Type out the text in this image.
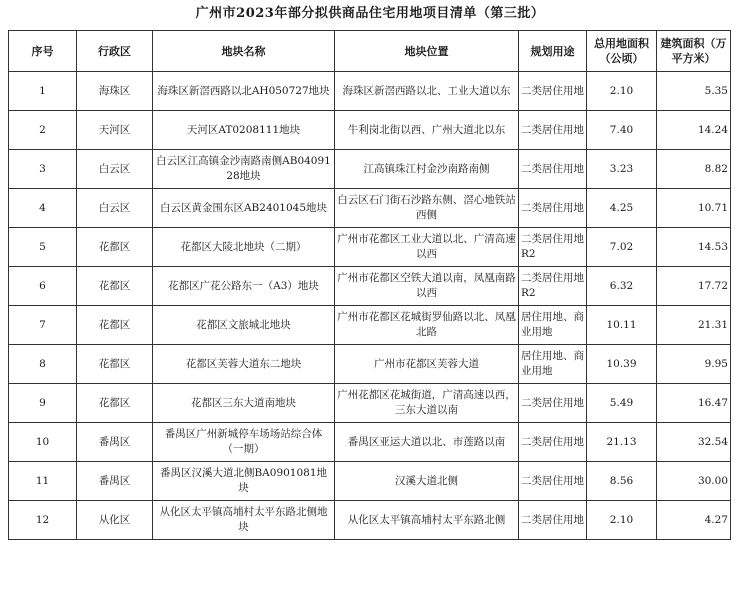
广州市2023年部分拟供商品住宅用地项目清单（第三批）
序号	行政区	地块名称	地块位置	规划用途	总用地面积（公顷）	建筑面积（万平方米）
1	海珠区	海珠区新滘西路以北AH050727地块	海珠区新滘西路以北、工业大道以东	二类居住用地	2.10	5.35
2	天河区	天河区AT0208111地块	牛利岗北街以西、广州大道北以东	二类居住用地	7.40	14.24
3	白云区	白云区江高镇金沙南路南侧AB0409128地块	江高镇珠江村金沙南路南侧	二类居住用地	3.23	8.82
4	白云区	白云区黄金围东区AB2401045地块	白云区石门街石沙路东侧、滘心地铁站西侧	二类居住用地	4.25	10.71
5	花都区	花都区大陵北地块（二期）	广州市花都区工业大道以北、广清高速以西	二类居住用地R2	7.02	14.53
6	花都区	花都区广花公路东一（A3）地块	广州市花都区空铁大道以南，凤凰南路以西	二类居住用地R2	6.32	17.72
7	花都区	花都区文旅城北地块	广州市花都区花城街罗仙路以北、凤凰北路	居住用地、商业用地	10.11	21.31
8	花都区	花都区芙蓉大道东二地块	广州市花都区芙蓉大道	居住用地、商业用地	10.39	9.95
9	花都区	花都区三东大道南地块	广州花都区花城街道，广清高速以西，三东大道以南	二类居住用地	5.49	16.47
10	番禺区	番禺区广州新城停车场场站综合体（一期）	番禺区亚运大道以北、市莲路以南	二类居住用地	21.13	32.54
11	番禺区	番禺区汉溪大道北侧BA0901081地块	汉溪大道北侧	二类居住用地	8.56	30.00
12	从化区	从化区太平镇高埔村太平东路北侧地块	从化区太平镇高埔村太平东路北侧	二类居住用地	2.10	4.27
